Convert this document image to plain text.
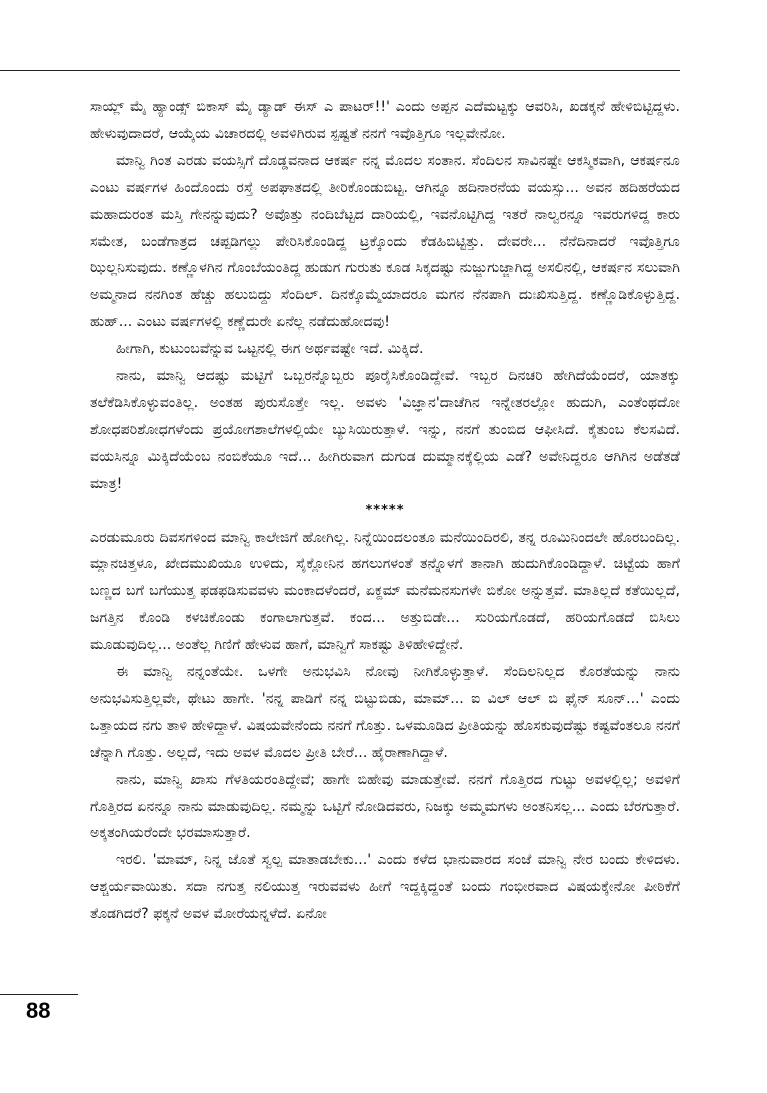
ಸಾಯ್ಲ್ ಮೈ ಹ್ಯಾಂಡ್ಸ್ ಬಿಕಾಸ್ ಮೈ ಡ್ಯಾಡ್ ಈಸ್ ಎ ಪಾಟರ್!!' ಎಂದು ಅಪ್ಪನ ಎದೆಮಟ್ಟಕ್ಕು ಆವರಿಸಿ, ಖಡಕ್ಕನೆ ಹೇಳಿಬಿಟ್ಟಿದ್ದಳು. ಹೇಳುವುದಾದರೆ, ಆಯ್ಕೆಯ ವಿಚಾರದಲ್ಲಿ ಅವಳಿಗಿರುವ ಸ್ಪಷ್ಟತೆ ನನಗೆ ಇವೊತ್ತಿಗೂ ಇಲ್ಲವೇನೋ.

ಮಾನ್ವಿ ಗಿಂತ ಎರಡು ವಯಸ್ಸಿಗೆ ದೊಡ್ಡವನಾದ ಆಕರ್ಷ ನನ್ನ ಮೊದಲ ಸಂತಾನ. ಸೆಂದಿಲನ ಸಾವಿನಷ್ಟೇ ಆಕಸ್ಮಿಕವಾಗಿ, ಆಕರ್ಷನೂ ಎಂಟು ವರ್ಷಗಳ ಹಿಂದೊಂದು ರಸ್ತೆ ಅಪಘಾತದಲ್ಲಿ ತೀರಿಕೊಂಡುಬಿಟ್ಟ. ಆಗಿನ್ನೂ ಹದಿನಾರನೆಯ ವಯಸ್ಸು... ಅವನ ಹದಿಹರೆಯದ ಮಹಾದುರಂತ ಮಸ್ತಿ ಗೇನನ್ನುವುದು? ಅವೊತ್ತು ನಂದಿಬೆಟ್ಟದ ದಾರಿಯಲ್ಲಿ, ಇವನೊಟ್ಟಿಗಿದ್ದ ಇತರೆ ನಾಲ್ವರನ್ನೂ ಇವರುಗಳಿದ್ದ ಕಾರು ಸಮೇತ, ಬಂಡೆಗಾತ್ರದ ಚಪ್ಪಡಿಗಲ್ಲು ಪೇರಿಸಿಕೊಂಡಿದ್ದ ಟ್ರಕ್ಕೊಂದು ಕೆಡಹಿಬಿಟ್ಟಿತ್ತು. ದೇವರೇ... ನೆನೆದಿನಾದರೆ ಇವೊತ್ತಿಗೂ ಝಿಲ್ಲನಿಸುವುದು. ಕಣ್ಣೊಳಗಿನ ಗೊಂಬೆಯಂತಿದ್ದ ಹುಡುಗ ಗುರುತು ಕೂಡ ಸಿಕ್ಕದಷ್ಟು ನುಜ್ಜುಗುಜ್ಜಾಗಿದ್ದ ಅಸಲಿನಲ್ಲಿ, ಆಕರ್ಷನ ಸಲುವಾಗಿ ಅಮ್ಮನಾದ ನನಗಿಂತ ಹೆಚ್ಚು ಹಲುಬಿದ್ದು ಸೆಂದಿಲ್. ದಿನಕ್ಕೊಮ್ಮೆಯಾದರೂ ಮಗನ ನೆನಪಾಗಿ ದುಃಖಿಸುತ್ತಿದ್ದ. ಕಣ್ಣೊಡಿಕೊಳ್ಳುತ್ತಿದ್ದ. ಹುಹ್... ಎಂಟು ವರ್ಷಗಳಲ್ಲಿ ಕಣ್ಣೆದುರೇ ಏನೆಲ್ಲ ನಡೆದುಹೋದವು!

ಹೀಗಾಗಿ, ಕುಟುಂಬವೆನ್ನುವ ಒಟ್ಟನಲ್ಲಿ ಈಗ ಅರ್ಥವಷ್ಟೇ ಇದೆ. ಮಿಕ್ಕಿದೆ.

ನಾನು, ಮಾನ್ವಿ ಆದಷ್ಟು ಮಟ್ಟಿಗೆ ಒಬ್ಬರನ್ನೊಬ್ಬರು ಪೂರೈಸಿಕೊಂಡಿದ್ದೇವೆ. ಇಬ್ಬರ ದಿನಚರಿ ಹೇಗಿದೆಯೆಂದರೆ, ಯಾತಕ್ಕು ತಲೆಕೆಡಿಸಿಕೊಳ್ಳುವಂತಿಲ್ಲ. ಅಂತಹ ಪುರುಸೊತ್ತೇ ಇಲ್ಲ. ಅವಳು 'ವಿಜ್ಞಾನ'ದಾಚೆಗಿನ ಇನ್ನೇತರಲ್ಲೋ ಹುದುಗಿ, ಎಂತೆಂಥದೋ ಶೋಧಪರಿಶೋಧಗಳೆಂದು ಪ್ರಯೋಗಶಾಲೆಗಳಲ್ಲಿಯೇ ಬ್ಯುಸಿಯಿರುತ್ತಾಳೆ. ಇನ್ನು, ನನಗೆ ತುಂಬಿದ ಆಫೀಸಿದೆ. ಕೈತುಂಬ ಕೆಲಸವಿದೆ. ವಯಸಿನ್ನೂ ಮಿಕ್ಕಿದೆಯೆಂಬ ನಂಬಿಕೆಯೂ ಇದೆ... ಹೀಗಿರುವಾಗ ದುಗುಡ ದುಮ್ಮಾನಕ್ಕೆಲ್ಲಿಯ ಎಡೆ? ಅವೇನಿದ್ದರೂ ಆಗಿಗಿನ ಅಡೆತಡೆ ಮಾತ್ರ!

*****

ಎರಡುಮೂರು ದಿವಸಗಳಿಂದ ಮಾನ್ವಿ ಕಾಲೇಜಿಗೆ ಹೋಗಿಲ್ಲ. ನಿನ್ನೆಯಿಂದಲಂತೂ ಮನೆಯಿಂದಿರಲಿ, ತನ್ನ ರೂಮಿನಿಂದಲೇ ಹೊರಬಂದಿಲ್ಲ. ಮ್ಲಾನಚಿತ್ತಳೂ, ಖೇದಮುಖಿಯೂ ಉಳಿದು, ಸೈಕ್ಲೋನಿನ ಹಗಲುಗಳಂತೆ ತನ್ನೊಳಗೆ ತಾನಾಗಿ ಹುದುಗಿಕೊಂಡಿದ್ದಾಳೆ. ಚಿಟ್ಟೆಯ ಹಾಗೆ ಬಣ್ಣದ ಬಗೆ ಬಗೆಯುತ್ತ ಫಡಫಡಿಸುವವಳು ಮಂಕಾದಳೆಂದರೆ, ಏಕ್ದಮ್ ಮನೆಮನಸುಗಳೇ ಬಿಕೋ ಅನ್ನುತ್ತವೆ. ಮಾತಿಲ್ಲದೆ ಕತೆಯಿಲ್ಲದೆ, ಜಗತ್ತಿನ ಕೊಂಡಿ ಕಳಚಿಕೊಂಡು ಕಂಗಾಲಾಗುತ್ತವೆ. ಕಂದ... ಅತ್ತುಬಿಡೇ... ಸುರಿಯಗೊಡದೆ, ಹರಿಯಗೊಡದೆ ಬಿಸಿಲು ಮೂಡುವುದಿಲ್ಲ... ಅಂತೆಲ್ಲ ಗಿಣಿಗೆ ಹೇಳುವ ಹಾಗೆ, ಮಾನ್ವಿಗೆ ಸಾಕಷ್ಟು ತಿಳಿಹೇಳಿದ್ದೇನೆ.

ಈ ಮಾನ್ವಿ ನನ್ನಂತೆಯೇ. ಒಳಗೇ ಅನುಭವಿಸಿ ನೋವು ನೀಗಿಕೊಳ್ಳುತ್ತಾಳೆ. ಸೆಂದಿಲನಿಲ್ಲದ ಕೊರತೆಯನ್ನು ನಾನು ಅನುಭವಿಸುತ್ತಿಲ್ಲವೇ, ಥೇಟು ಹಾಗೇ. 'ನನ್ನ ಪಾಡಿಗೆ ನನ್ನ ಬಿಟ್ಟುಬಿಡು, ಮಾಮ್... ಐ ವಿಲ್ ಆಲ್ ಬಿ ಫೈನ್ ಸೂನ್...' ಎಂದು ಒತ್ತಾಯದ ನಗು ತಾಳಿ ಹೇಳಿದ್ದಾಳೆ. ವಿಷಯವೇನೆಂದು ನನಗೆ ಗೊತ್ತು. ಒಳಮೂಡಿದ ಪ್ರೀತಿಯನ್ನು ಹೊಸಕುವುದೆಷ್ಟು ಕಷ್ಟವೆಂತಲೂ ನನಗೆ ಚೆನ್ನಾಗಿ ಗೊತ್ತು. ಅಲ್ಲದೆ, ಇದು ಅವಳ ಮೊದಲ ಪ್ರೀತಿ ಬೇರೆ... ಹೈರಾಣಾಗಿದ್ದಾಳೆ.

ನಾನು, ಮಾನ್ವಿ ಖಾಸು ಗೆಳತಿಯರಂತಿದ್ದೇವೆ; ಹಾಗೇ ಬಿಹೇವು ಮಾಡುತ್ತೇವೆ. ನನಗೆ ಗೊತ್ತಿರದ ಗುಟ್ಟು ಅವಳಲ್ಲಿಲ್ಲ; ಅವಳಿಗೆ ಗೊತ್ತಿರದ ಏನನ್ನೂ ನಾನು ಮಾಡುವುದಿಲ್ಲ. ನಮ್ಮನ್ನು ಒಟ್ಟಿಗೆ ನೋಡಿದವರು, ನಿಜಕ್ಕು ಅಮ್ಮಮಗಳು ಅಂತನಿಸಲ್ಲ... ಎಂದು ಬೆರಗುತ್ತಾರೆ. ಅಕ್ಕತಂಗಿಯರೆಂದೇ ಭರಮಾಸುತ್ತಾರೆ.

ಇರಲಿ. 'ಮಾಮ್, ನಿನ್ನ ಜೊತೆ ಸ್ವಲ್ಪ ಮಾತಾಡಬೇಕು...' ಎಂದು ಕಳೆದ ಭಾನುವಾರದ ಸಂಜೆ ಮಾನ್ವಿ ನೇರ ಬಂದು ಕೇಳಿದಳು. ಆಶ್ಚರ್ಯವಾಯಿತು. ಸದಾ ನಗುತ್ತ ನಲಿಯುತ್ತ ಇರುವವಳು ಹೀಗೆ ಇದ್ದಕ್ಕಿದ್ದಂತೆ ಬಂದು ಗಂಭೀರವಾದ ವಿಷಯಕ್ಕೇನೋ ಪೀಠಿಕೆಗೆ ತೊಡಗಿದರೆ? ಫಕ್ಕನೆ ಅವಳ ಮೋರೆಯನ್ನಳೆದೆ. ಏನೋ

88
